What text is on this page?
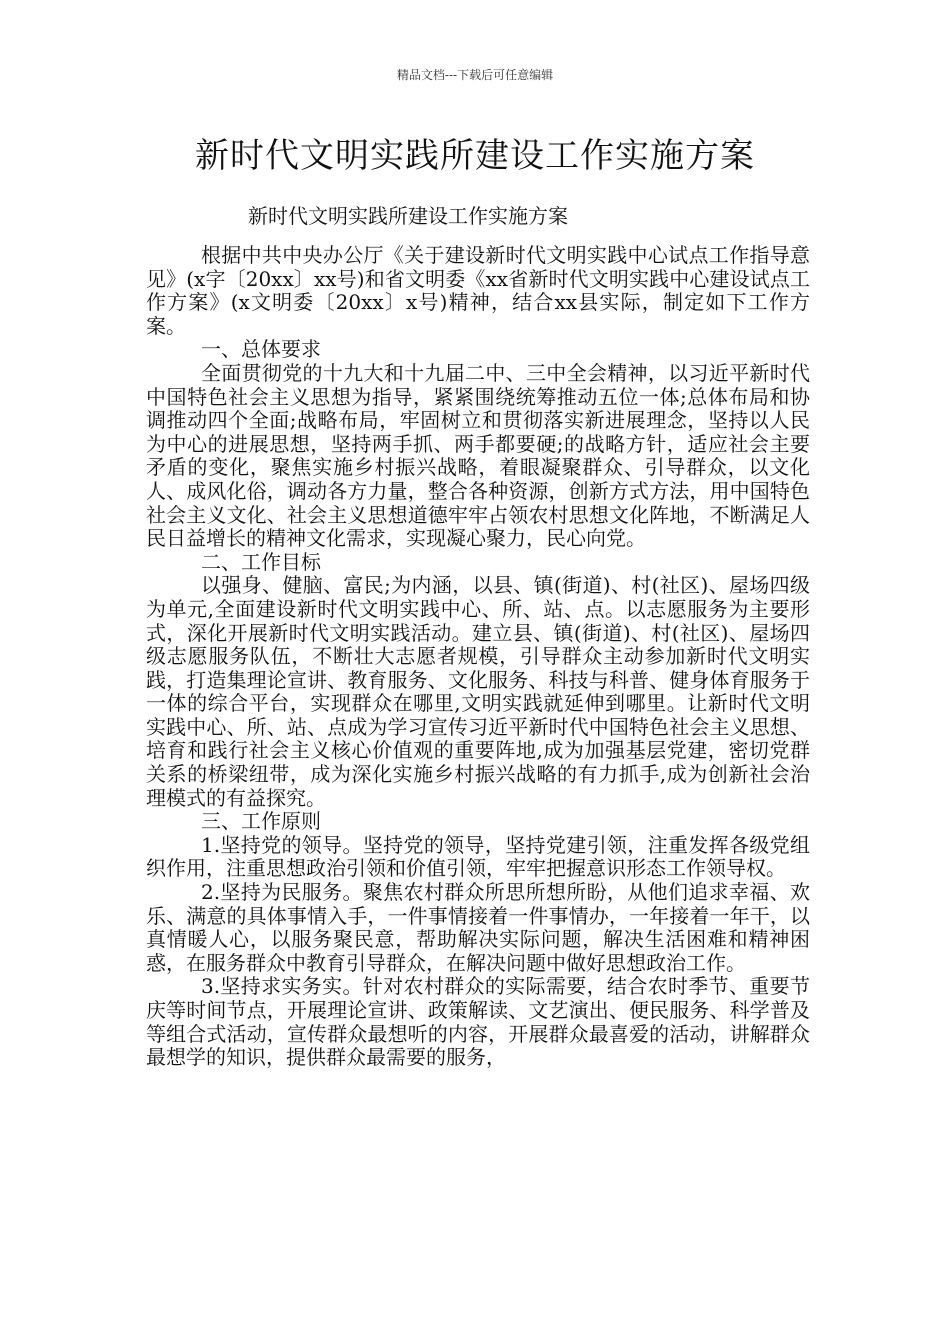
精品文档---下载后可任意编辑
新时代文明实践所建设工作实施方案

新时代文明实践所建设工作实施方案

根据中共中央办公厅《关于建设新时代文明实践中心试点工作指导意见》(x字〔20xx〕xx号)和省文明委《xx省新时代文明实践中心建设试点工作方案》(x文明委〔20xx〕x号)精神，结合xx县实际，制定如下工作方案。

一、总体要求

全面贯彻党的十九大和十九届二中、三中全会精神，以习近平新时代中国特色社会主义思想为指导，紧紧围绕统筹推动五位一体;总体布局和协调推动四个全面;战略布局，牢固树立和贯彻落实新进展理念，坚持以人民为中心的进展思想，坚持两手抓、两手都要硬;的战略方针，适应社会主要矛盾的变化，聚焦实施乡村振兴战略，着眼凝聚群众、引导群众，以文化人、成风化俗，调动各方力量，整合各种资源，创新方式方法，用中国特色社会主义文化、社会主义思想道德牢牢占领农村思想文化阵地，不断满足人民日益增长的精神文化需求，实现凝心聚力，民心向党。

二、工作目标

以强身、健脑、富民;为内涵，以县、镇(街道)、村(社区)、屋场四级为单元,全面建设新时代文明实践中心、所、站、点。以志愿服务为主要形式，深化开展新时代文明实践活动。建立县、镇(街道)、村(社区)、屋场四级志愿服务队伍，不断壮大志愿者规模，引导群众主动参加新时代文明实践，打造集理论宣讲、教育服务、文化服务、科技与科普、健身体育服务于一体的综合平台，实现群众在哪里,文明实践就延伸到哪里。让新时代文明实践中心、所、站、点成为学习宣传习近平新时代中国特色社会主义思想、培育和践行社会主义核心价值观的重要阵地,成为加强基层党建，密切党群关系的桥梁纽带，成为深化实施乡村振兴战略的有力抓手,成为创新社会治理模式的有益探究。

三、工作原则

1.坚持党的领导。坚持党的领导，坚持党建引领，注重发挥各级党组织作用，注重思想政治引领和价值引领，牢牢把握意识形态工作领导权。

2.坚持为民服务。聚焦农村群众所思所想所盼，从他们追求幸福、欢乐、满意的具体事情入手，一件事情接着一件事情办，一年接着一年干，以真情暖人心，以服务聚民意，帮助解决实际问题，解决生活困难和精神困惑，在服务群众中教育引导群众，在解决问题中做好思想政治工作。

3.坚持求实务实。针对农村群众的实际需要，结合农时季节、重要节庆等时间节点，开展理论宣讲、政策解读、文艺演出、便民服务、科学普及等组合式活动，宣传群众最想听的内容，开展群众最喜爱的活动，讲解群众最想学的知识，提供群众最需要的服务，
